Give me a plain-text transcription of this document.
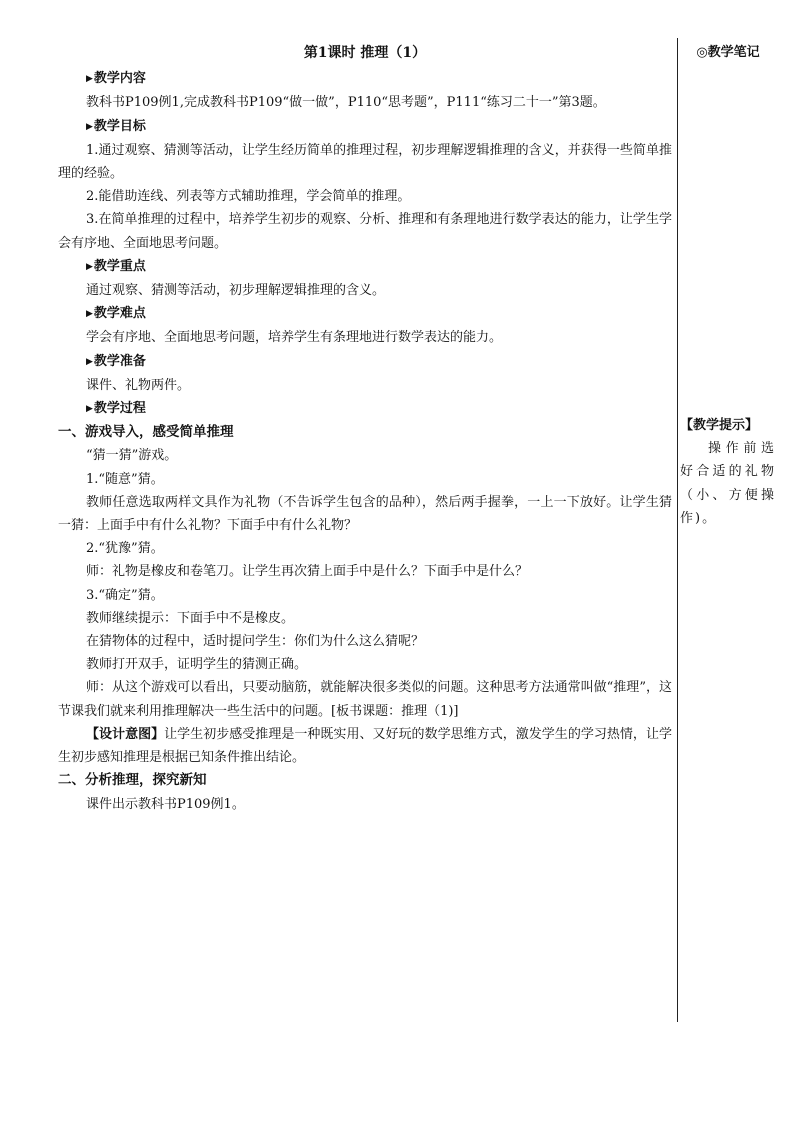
第1课时 推理（1）
▶教学内容

教科书P109例1,完成教科书P109“做一做”，P110“思考题”，P111“练习二十一”第3题。

▶教学目标

1.通过观察、猜测等活动，让学生经历简单的推理过程，初步理解逻辑推理的含义，并获得一些简单推理的经验。

2.能借助连线、列表等方式辅助推理，学会简单的推理。

3.在简单推理的过程中，培养学生初步的观察、分析、推理和有条理地进行数学表达的能力，让学生学会有序地、全面地思考问题。

▶教学重点

通过观察、猜测等活动，初步理解逻辑推理的含义。

▶教学难点

学会有序地、全面地思考问题，培养学生有条理地进行数学表达的能力。

▶教学准备

课件、礼物两件。

▶教学过程
一、游戏导入，感受简单推理

“猜一猜”游戏。

1.“随意”猜。

教师任意选取两样文具作为礼物（不告诉学生包含的品种），然后两手握拳，一上一下放好。让学生猜一猜：上面手中有什么礼物？下面手中有什么礼物？

2.“犹豫”猜。

师：礼物是橡皮和卷笔刀。让学生再次猜上面手中是什么？下面手中是什么？

3.“确定”猜。

教师继续提示：下面手中不是橡皮。

在猜物体的过程中，适时提问学生：你们为什么这么猜呢？

教师打开双手，证明学生的猜测正确。

师：从这个游戏可以看出，只要动脑筋，就能解决很多类似的问题。这种思考方法通常叫做“推理”，这节课我们就来利用推理解决一些生活中的问题。[板书课题：推理（1)]

【设计意图】让学生初步感受推理是一种既实用、又好玩的数学思维方式，激发学生的学习热情，让学生初步感知推理是根据已知条件推出结论。

二、分析推理，探究新知

课件出示教科书P109例1。

◎教学笔记
【教学提示】
操作前选好合适的礼物（小、方便操作)。
